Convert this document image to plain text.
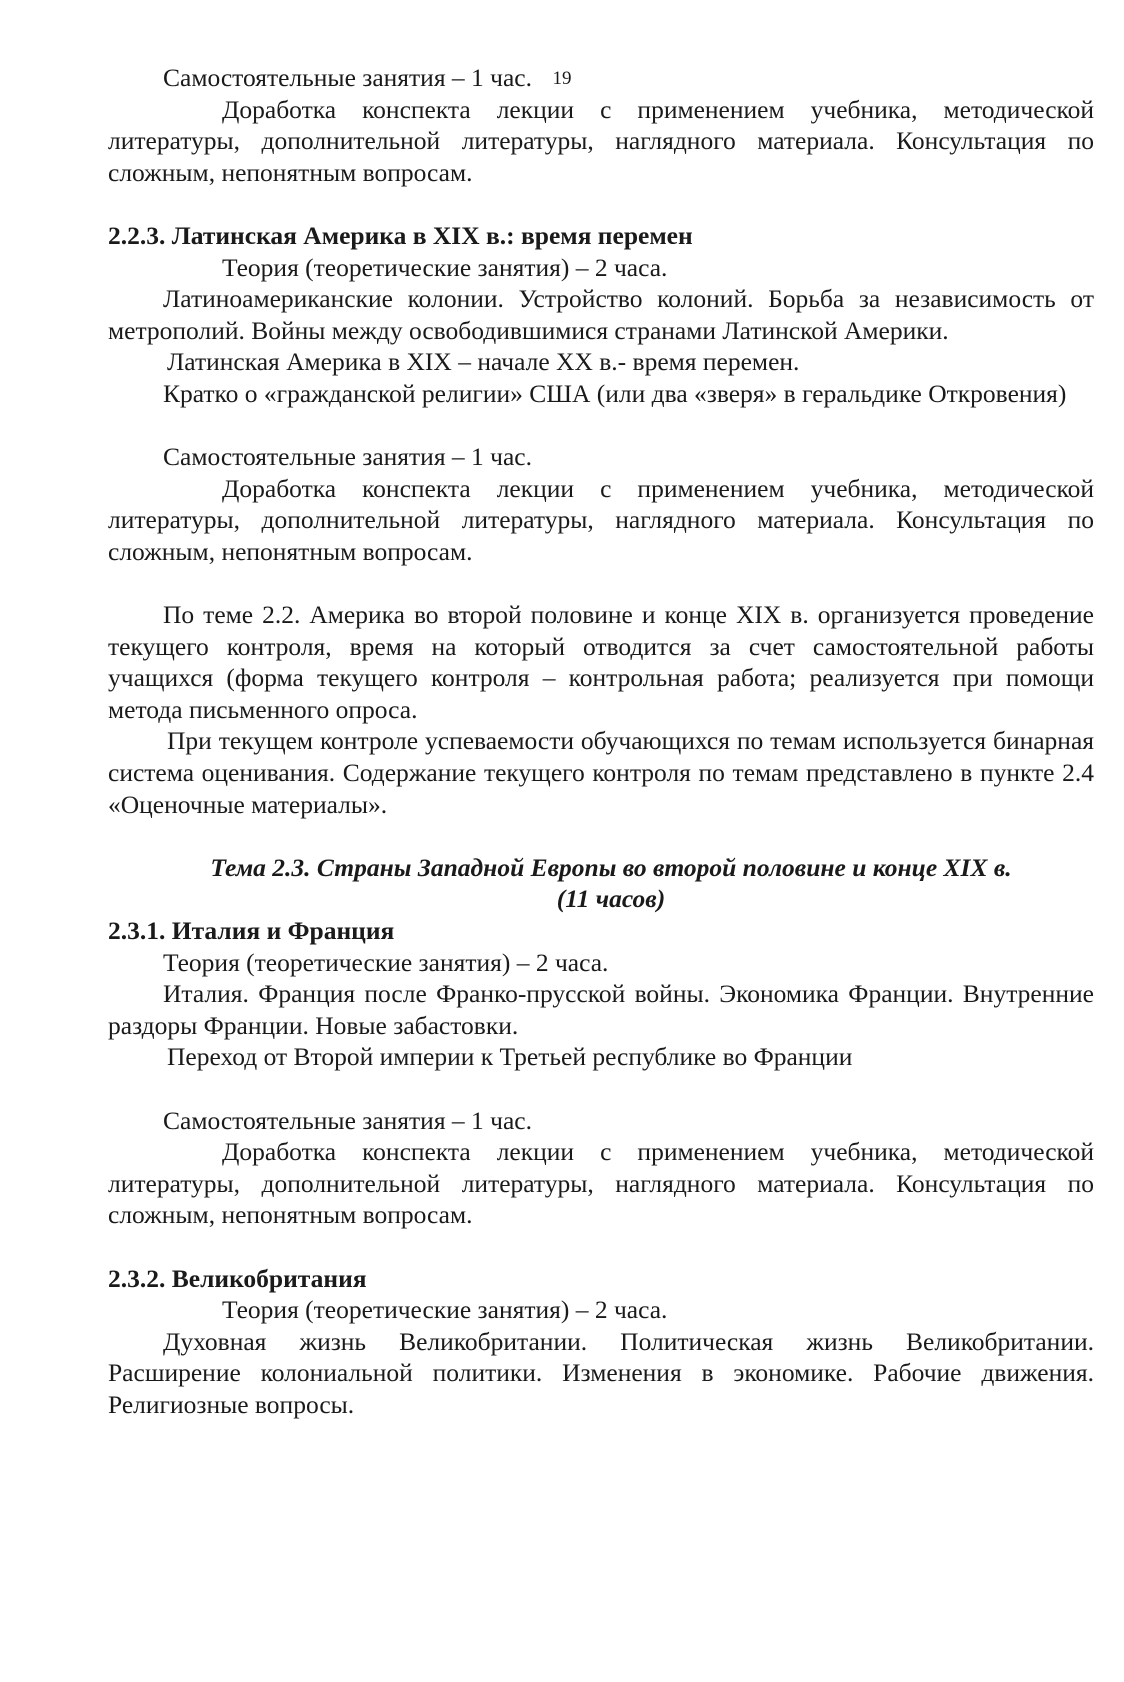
19

Самостоятельные занятия – 1 час.

Доработка конспекта лекции с применением учебника, методической литературы, дополнительной литературы, наглядного материала. Консультация по сложным, непонятным вопросам.

2.2.3. Латинская Америка в XIX в.: время перемен

Теория (теоретические занятия) – 2 часа.

Латиноамериканские колонии. Устройство колоний. Борьба за независимость от метрополий. Войны между освободившимися странами Латинской Америки.

Латинская Америка в XIX – начале XX в.- время перемен.

Кратко о «гражданской религии» США (или два «зверя» в геральдике Откровения)

Самостоятельные занятия – 1 час.

Доработка конспекта лекции с применением учебника, методической литературы, дополнительной литературы, наглядного материала. Консультация по сложным, непонятным вопросам.

По теме 2.2. Америка во второй половине и конце XIX в. организуется проведение текущего контроля, время на который отводится за счет самостоятельной работы учащихся (форма текущего контроля – контрольная работа; реализуется при помощи метода письменного опроса.

При текущем контроле успеваемости обучающихся по темам используется бинарная система оценивания. Содержание текущего контроля по темам представлено в пункте 2.4 «Оценочные материалы».

Тема 2.3. Страны Западной Европы во второй половине и конце XIX в.

(11 часов)

2.3.1. Италия и Франция

Теория (теоретические занятия) – 2 часа.

Италия. Франция после Франко-прусской войны. Экономика Франции. Внутренние раздоры Франции. Новые забастовки.

Переход от Второй империи к Третьей республике во Франции

Самостоятельные занятия – 1 час.

Доработка конспекта лекции с применением учебника, методической литературы, дополнительной литературы, наглядного материала. Консультация по сложным, непонятным вопросам.

2.3.2. Великобритания

Теория (теоретические занятия) – 2 часа.

Духовная жизнь Великобритании. Политическая жизнь Великобритании. Расширение колониальной политики. Изменения в экономике. Рабочие движения. Религиозные вопросы.
